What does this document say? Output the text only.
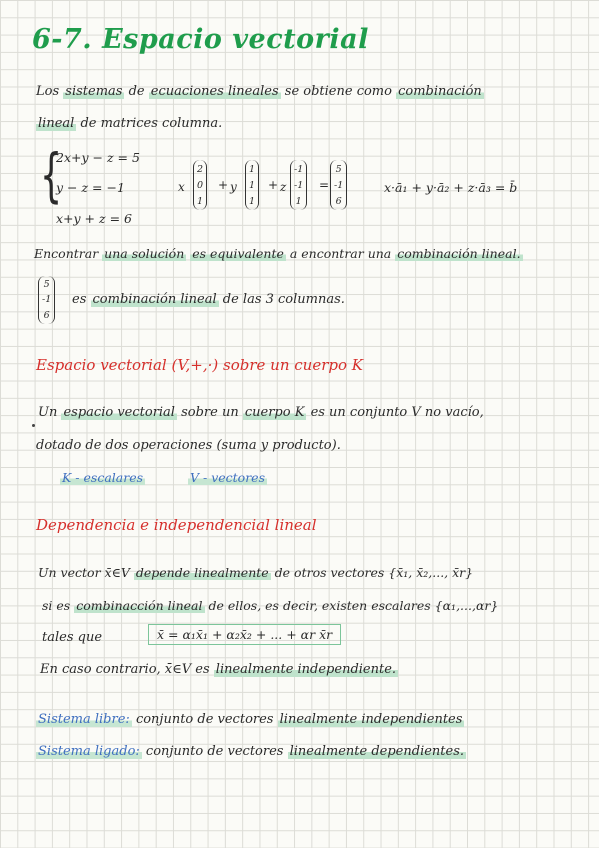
6-7. Espacio vectorial
Los sistemas de ecuaciones lineales se obtiene como combinación
lineal de matrices columna.
{
2x+y − z = 5
y − z = −1
x+y + z = 6
x
2
0
1
+ y
1
1
1
+ z
-1
-1
1
=
5
-1
6
x·ā₁ + y·ā₂ + z·ā₃ = b̄
Encontrar una solución es equivalente a encontrar una combinación lineal.
5
-1
6
es combinación lineal de las 3 columnas.
Espacio vectorial (V,+,·) sobre un cuerpo K
Un espacio vectorial sobre un cuerpo K es un conjunto V no vacío,
dotado de dos operaciones (suma y producto).
K - escalares	V - vectores
Dependencia e independencial lineal
Un vector x̄∈V depende linealmente de otros vectores {x̄₁, x̄₂,..., x̄r}
si es combinacción lineal de ellos, es decir, existen escalares {α₁,...,αr}
tales que	x̄ = α₁x̄₁ + α₂x̄₂ + ... + αr x̄r
En caso contrario, x̄∈V es linealmente independiente.
Sistema libre: conjunto de vectores linealmente independientes
Sistema ligado: conjunto de vectores linealmente dependientes.
